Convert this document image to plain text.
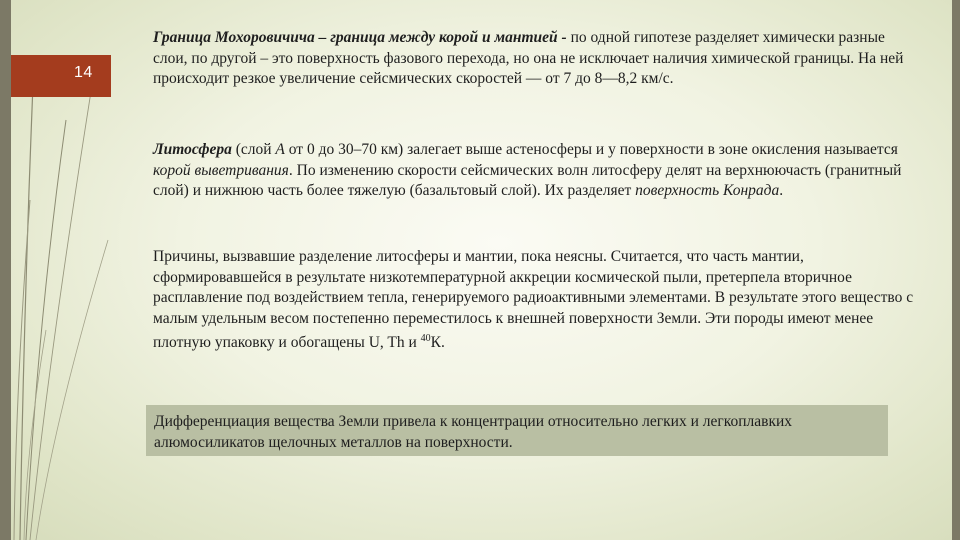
14

Граница Мохоровичича – граница между корой и мантией - по одной гипотезе разделяет химически разные слои, по другой – это поверхность фазового перехода, но она не исключает наличия химической границы. На ней происходит резкое увеличение сейсмических скоростей — от 7 до 8—8,2 км/с.

Литосфера (слой А от 0 до 30–70 км) залегает выше астеносферы и у поверхности в зоне окисления называется корой выветривания. По изменению скорости сейсмических волн литосферу делят на верхнюючасть (гранитный слой) и нижнюю часть более тяжелую (базальтовый слой). Их разделяет поверхность Конрада.

Причины, вызвавшие разделение литосферы и мантии, пока неясны. Считается, что часть мантии, сформировавшейся в результате низкотемпературной аккреции космической пыли, претерпела вторичное расплавление под воздействием тепла, генерируемого радиоактивными элементами. В результате этого вещество с малым удельным весом постепенно переместилось к внешней поверхности Земли. Эти породы имеют менее плотную упаковку и обогащены U, Th и $^{40}$К.

Дифференциация вещества Земли привела к концентрации относительно легких и легкоплавких алюмосиликатов щелочных металлов на поверхности.
